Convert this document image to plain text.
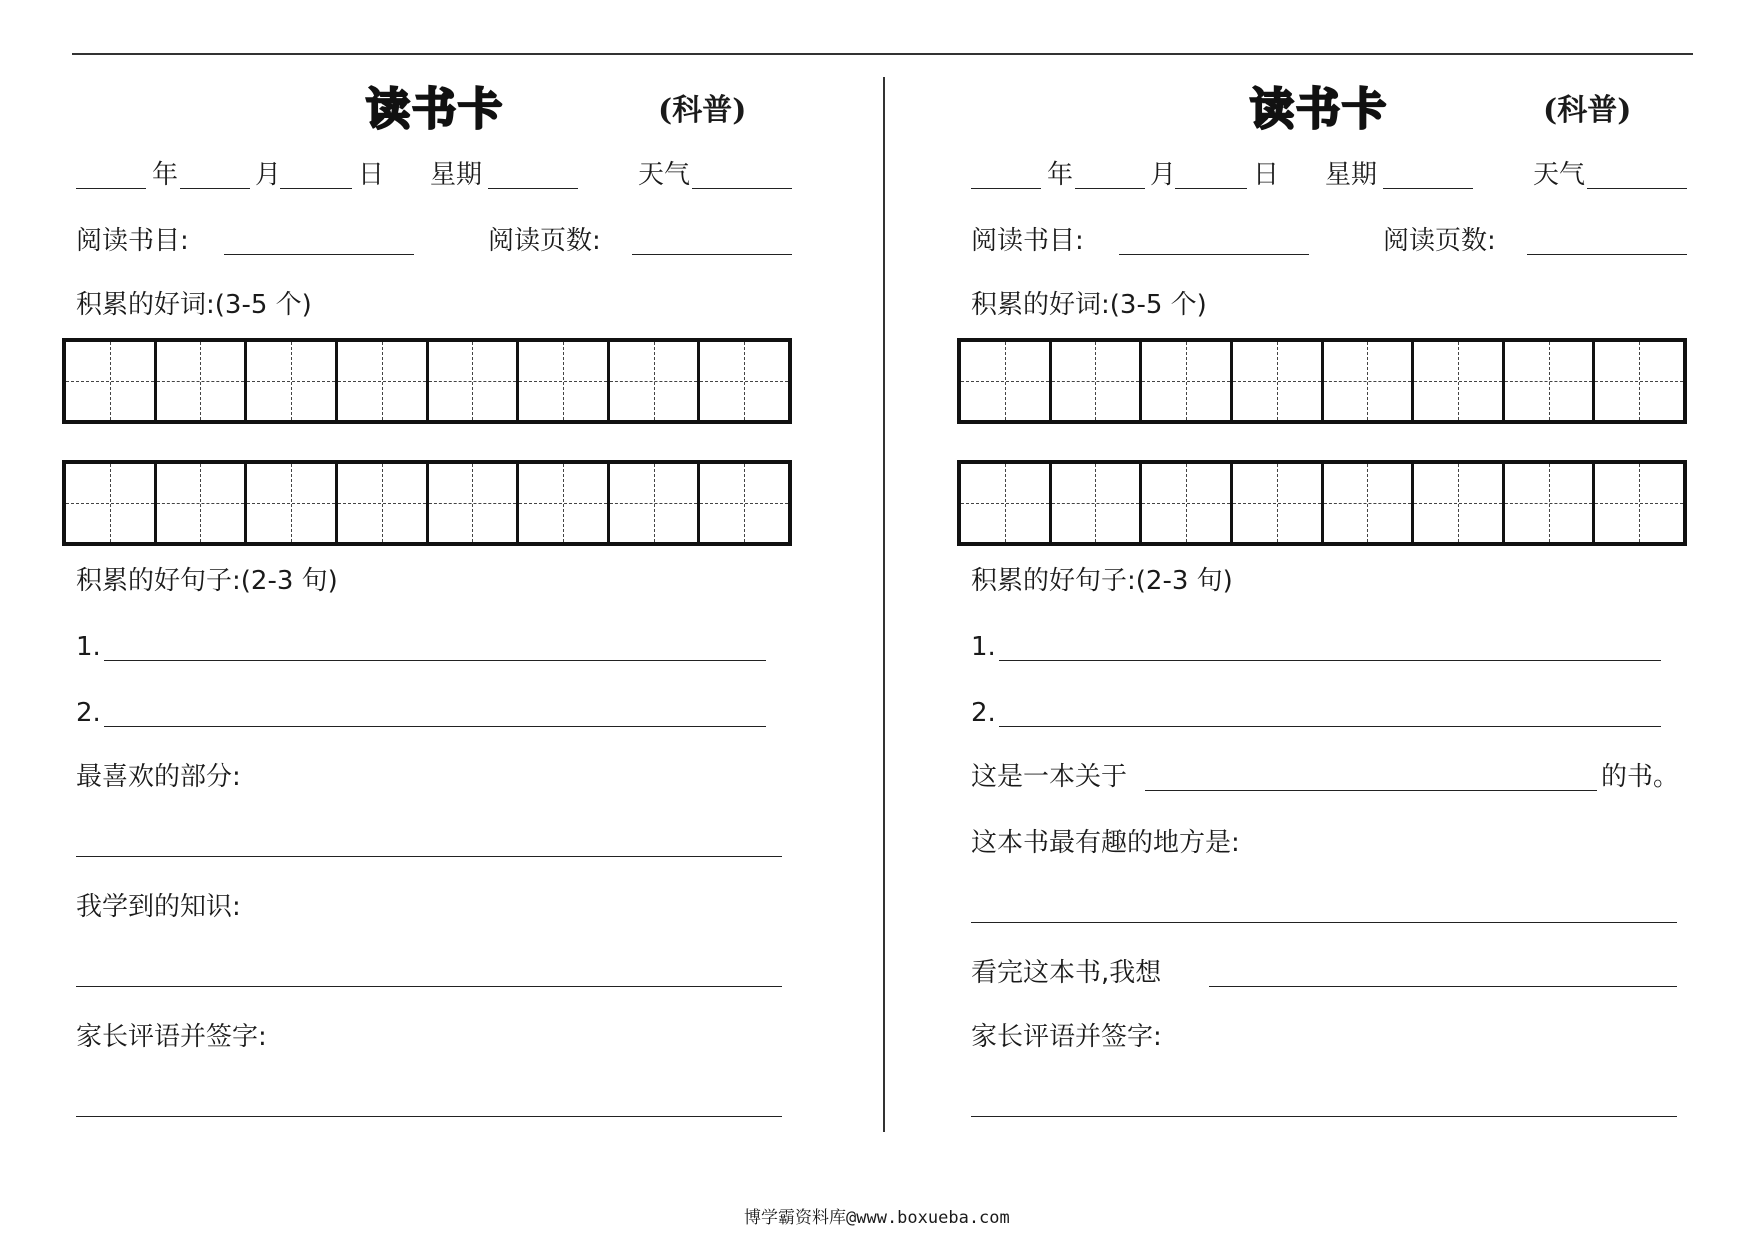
读书卡	(科普)
年	月	日 星期	天气
阅读书目:	阅读页数:
积累的好词:(3-5 个)
积累的好句子:(2-3 句)
1.
2.
最喜欢的部分:
我学到的知识:
家长评语并签字:
读书卡	(科普)
年	月	日 星期	天气
阅读书目:	阅读页数:
积累的好词:(3-5 个)
积累的好句子:(2-3 句)
1.
2.
这是一本关于	的书。
这本书最有趣的地方是:
看完这本书,我想
家长评语并签字:
博学霸资料库@www.boxueba.com
